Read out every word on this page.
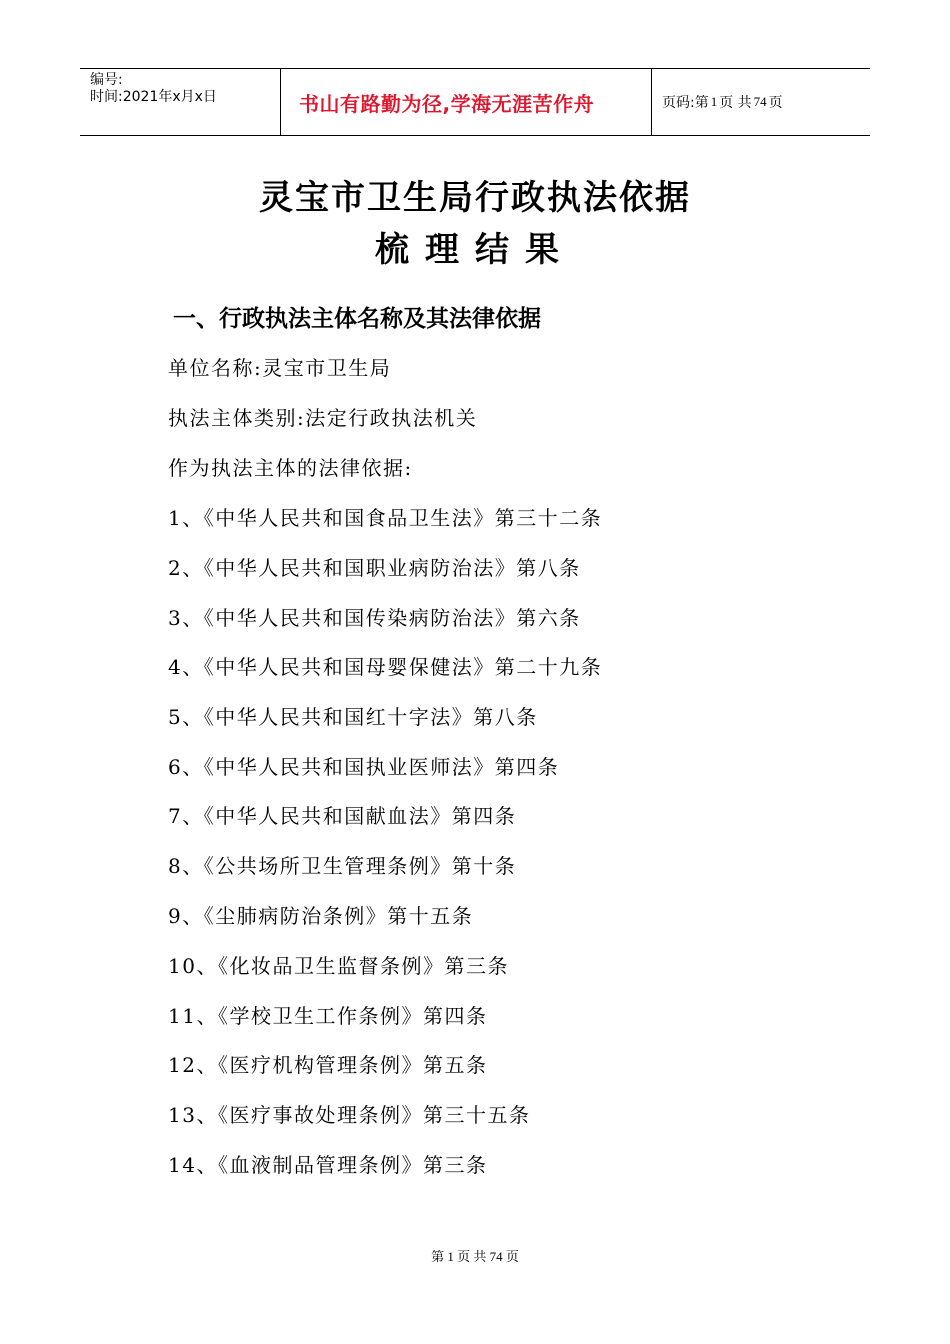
编号:
时间:2021年x月x日	书山有路勤为径,学海无涯苦作舟	页码:第 1 页 共 74 页
灵宝市卫生局行政执法依据
梳理结果
一、行政执法主体名称及其法律依据
单位名称:灵宝市卫生局
执法主体类别:法定行政执法机关
作为执法主体的法律依据:
1、《中华人民共和国食品卫生法》第三十二条
2、《中华人民共和国职业病防治法》第八条
3、《中华人民共和国传染病防治法》第六条
4、《中华人民共和国母婴保健法》第二十九条
5、《中华人民共和国红十字法》第八条
6、《中华人民共和国执业医师法》第四条
7、《中华人民共和国献血法》第四条
8、《公共场所卫生管理条例》第十条
9、《尘肺病防治条例》第十五条
10、《化妆品卫生监督条例》第三条
11、《学校卫生工作条例》第四条
12、《医疗机构管理条例》第五条
13、《医疗事故处理条例》第三十五条
14、《血液制品管理条例》第三条
第 1 页 共 74 页
